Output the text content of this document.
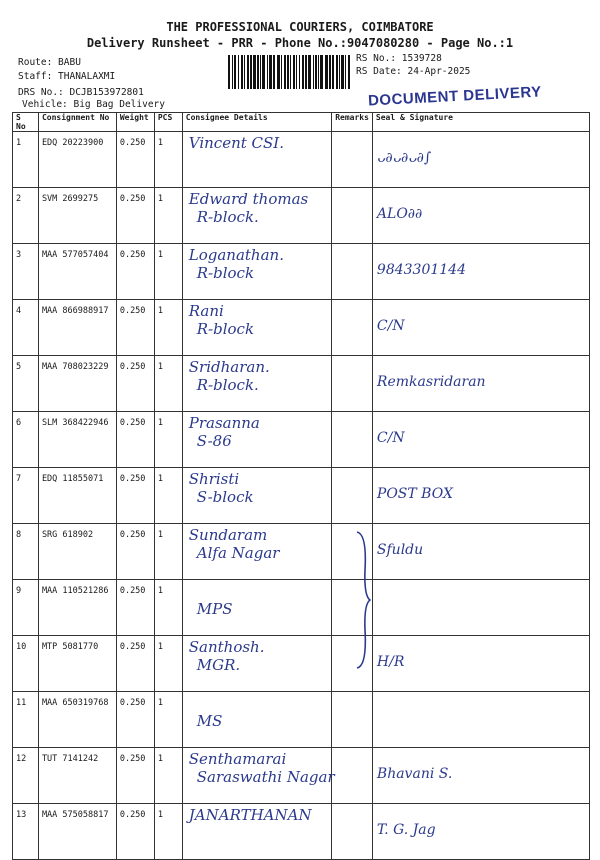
THE PROFESSIONAL COURIERS, COIMBATORE
Delivery Runsheet - PRR - Phone No.:9047080280 - Page No.:1
Route: BABU
Staff: THANALAXMI
DRS No.: DCJB153972801
Vehicle: Big Bag Delivery
RS No.: 1539728
RS Date: 24-Apr-2025
DOCUMENT DELIVERY
S No	Consignment No	Weight	PCS	Consignee Details	Remarks	Seal & Signature
1	EDQ 20223900	0.250	1	Vincent CSI.		ᴗ∂ᴗ∂ᴗ∂∫

2	SVM 2699275	0.250	1	Edward thomas
R-block.		ALO∂∂

3	MAA 577057404	0.250	1	Loganathan.
R-block		9843301144

4	MAA 866988917	0.250	1	Rani
R-block		C/N

5	MAA 708023229	0.250	1	Sridharan.
R-block.		Remkasridaran

6	SLM 368422946	0.250	1	Prasanna
S-86		C/N

7	EDQ 11855071	0.250	1	Shristi
S-block		POST BOX

8	SRG 618902	0.250	1	Sundaram
Alfa Nagar		Sfuldu

9	MAA 110521286	0.250	1	MPS		

10	MTP 5081770	0.250	1	Santhosh.
MGR.		H/R

11	MAA 650319768	0.250	1	MS		

12	TUT 7141242	0.250	1	Senthamarai
Saraswathi Nagar		Bhavani S.

13	MAA 575058817	0.250	1	JANARTHANAN		T. G. Jag
